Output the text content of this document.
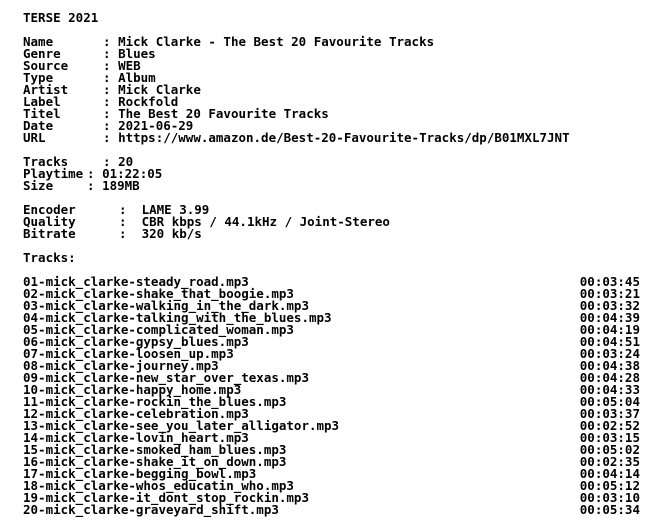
TERSE 2021
Name	:
Mick Clarke - The Best 20 Favourite Tracks
Genre	:
Blues
Source	:
WEB
Type	:
Album
Artist	:
Mick Clarke
Label	:
Rockfold
Titel	:
The Best 20 Favourite Tracks
Date	:
2021-06-29
URL	:
https://www.amazon.de/Best-20-Favourite-Tracks/dp/B01MXL7JNT
Tracks	:
20
Playtime :
01:22:05
Size	:
189MB
Encoder	:
LAME 3.99
Quality	:
CBR kbps / 44.1kHz / Joint-Stereo
Bitrate	:
320 kb/s
Tracks:
01-mick_clarke-steady_road.mp3	00:03:45
02-mick_clarke-shake_that_boogie.mp3	00:03:21
03-mick_clarke-walking_in_the_dark.mp3	00:03:32
04-mick_clarke-talking_with_the_blues.mp3	00:04:39
05-mick_clarke-complicated_woman.mp3	00:04:19
06-mick_clarke-gypsy_blues.mp3	00:04:51
07-mick_clarke-loosen_up.mp3	00:03:24
08-mick_clarke-journey.mp3	00:04:38
09-mick_clarke-new_star_over_texas.mp3	00:04:28
10-mick_clarke-happy_home.mp3	00:04:33
11-mick_clarke-rockin_the_blues.mp3	00:05:04
12-mick_clarke-celebration.mp3	00:03:37
13-mick_clarke-see_you_later_alligator.mp3	00:02:52
14-mick_clarke-lovin_heart.mp3	00:03:15
15-mick_clarke-smoked_ham_blues.mp3	00:05:02
16-mick_clarke-shake_it_on_down.mp3	00:02:35
17-mick_clarke-begging_bowl.mp3	00:04:14
18-mick_clarke-whos_educatin_who.mp3	00:05:12
19-mick_clarke-it_dont_stop_rockin.mp3	00:03:10
20-mick_clarke-graveyard_shift.mp3	00:05:34
